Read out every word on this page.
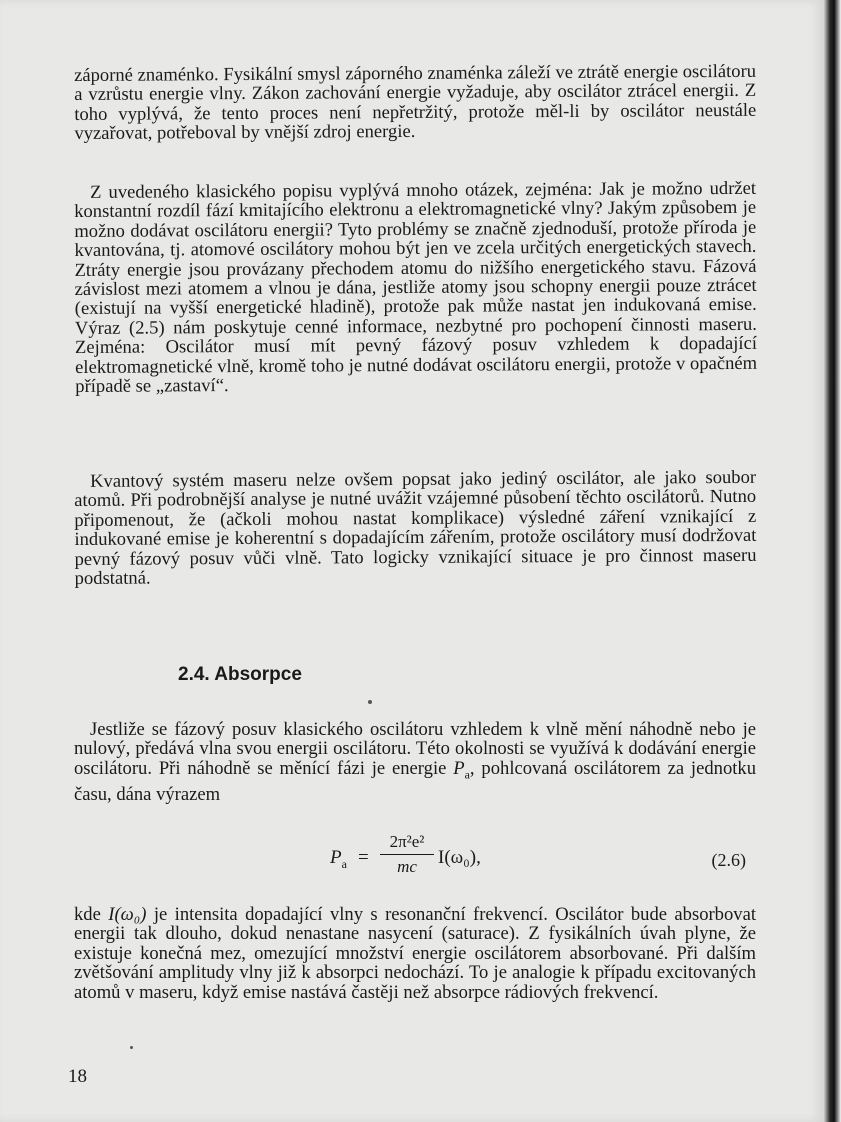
záporné znaménko. Fysikální smysl záporného znaménka záleží ve ztrátě energie oscilátoru a vzrůstu energie vlny. Zákon zachování energie vyžaduje, aby oscilátor ztrácel energii. Z toho vyplývá, že tento proces není nepřetržitý, protože měl-li by oscilátor neustále vyzařovat, potřeboval by vnější zdroj energie.

Z uvedeného klasického popisu vyplývá mnoho otázek, zejména: Jak je možno udržet konstantní rozdíl fází kmitajícího elektronu a elektromagnetické vlny? Jakým způsobem je možno dodávat oscilátoru energii? Tyto problémy se značně zjednoduší, protože příroda je kvantována, tj. atomové oscilátory mohou být jen ve zcela určitých energetických stavech. Ztráty energie jsou provázany přechodem atomu do nižšího energetického stavu. Fázová závislost mezi atomem a vlnou je dána, jestliže atomy jsou schopny energii pouze ztrácet (existují na vyšší energetické hladině), protože pak může nastat jen indukovaná emise. Výraz (2.5) nám poskytuje cenné informace, nezbytné pro pochopení činnosti maseru. Zejména: Oscilátor musí mít pevný fázový posuv vzhledem k dopadající elektromagnetické vlně, kromě toho je nutné dodávat oscilátoru energii, protože v opačném případě se „zastaví“.

Kvantový systém maseru nelze ovšem popsat jako jediný oscilátor, ale jako soubor atomů. Při podrobnější analyse je nutné uvážit vzájemné působení těchto oscilátorů. Nutno připomenout, že (ačkoli mohou nastat komplikace) výsledné záření vznikající z indukované emise je koherentní s dopadajícím zářením, protože oscilátory musí dodržovat pevný fázový posuv vůči vlně. Tato logicky vznikající situace je pro činnost maseru podstatná.

2.4. Absorpce

Jestliže se fázový posuv klasického oscilátoru vzhledem k vlně mění náhodně nebo je nulový, předává vlna svou energii oscilátoru. Této okolnosti se využívá k dodávání energie oscilátoru. Při náhodně se měnící fázi je energie $P_a$, pohlcovaná oscilátorem za jednotku času, dána výrazem

$P_a = \frac{\text{2π²e²}}{mc} I(\omega_0)$,	(2.6)

kde I(ω₀) je intensita dopadající vlny s resonanční frekvencí. Oscilátor bude absorbovat energii tak dlouho, dokud nenastane nasycení (saturace). Z fysikálních úvah plyne, že existuje konečná mez, omezující množství energie oscilátorem absorbované. Při dalším zvětšování amplitudy vlny již k absorpci nedochází. To je analogie k případu excitovaných atomů v maseru, když emise nastává častěji než absorpce rádiových frekvencí.

18
